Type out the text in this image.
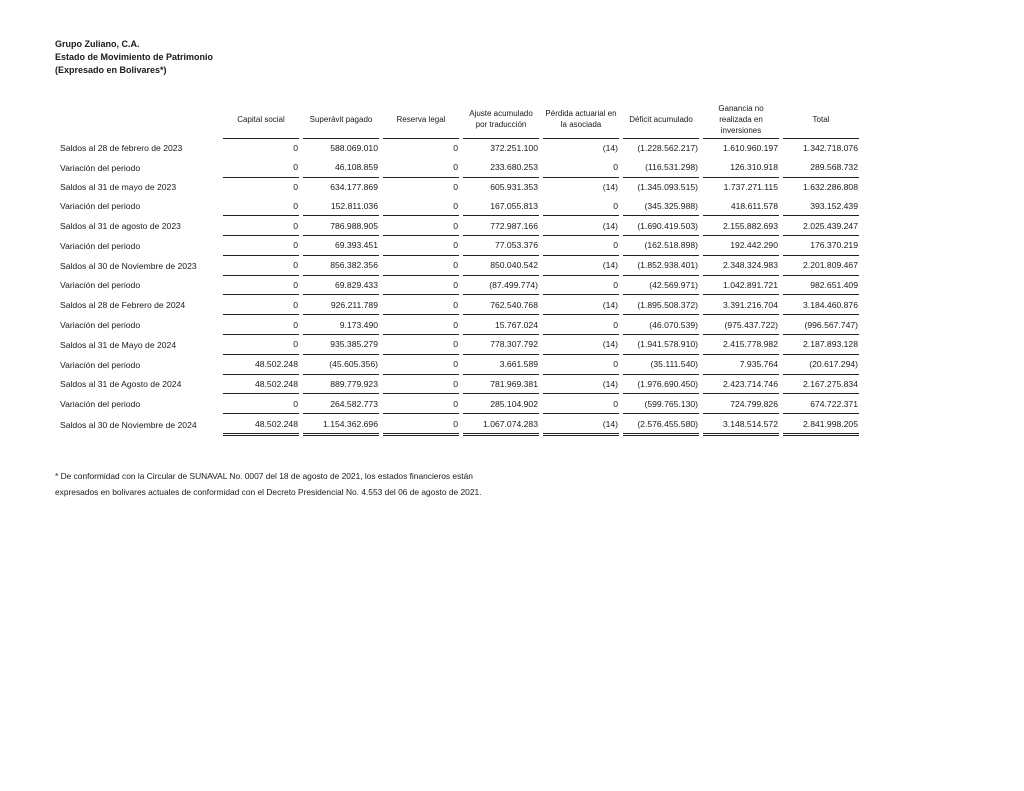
Grupo Zuliano, C.A.
Estado de Movimiento de Patrimonio
(Expresado en Bolivares*)
	Capital social	Superávit pagado	Reserva legal	Ajuste acumulado por traducción	Pérdida actuarial en la asociada	Déficit acumulado	Ganancia no realizada en inversiones	Total
Saldos al 28 de febrero de 2023	0	588.069.010	0	372.251.100	(14)	(1.228.562.217)	1.610.960.197	1.342.718.076
Variación del periodo	0	46.108.859	0	233.680.253	0	(116.531.298)	126.310.918	289.568.732
Saldos al 31 de mayo de 2023	0	634.177.869	0	605.931.353	(14)	(1.345.093.515)	1.737.271.115	1.632.286.808
Variación del periodo	0	152.811.036	0	167.055.813	0	(345.325.988)	418.611.578	393.152.439
Saldos al 31 de agosto de 2023	0	786.988.905	0	772.987.166	(14)	(1.690.419.503)	2.155.882.693	2.025.439.247
Variación del periodo	0	69.393.451	0	77.053.376	0	(162.518.898)	192.442.290	176.370.219
Saldos al 30 de Noviembre de 2023	0	856.382.356	0	850.040.542	(14)	(1.852.938.401)	2.348.324.983	2.201.809.467
Variación del periodo	0	69.829.433	0	(87.499.774)	0	(42.569.971)	1.042.891.721	982.651.409
Saldos al 28 de Febrero de 2024	0	926.211.789	0	762.540.768	(14)	(1.895.508.372)	3.391.216.704	3.184.460.876
Variación del periodo	0	9.173.490	0	15.767.024	0	(46.070.539)	(975.437.722)	(996.567.747)
Saldos al 31 de Mayo de 2024	0	935.385.279	0	778.307.792	(14)	(1.941.578.910)	2.415.778.982	2.187.893.128
Variación del periodo	48.502.248	(45.605.356)	0	3.661.589	0	(35.111.540)	7.935.764	(20.617.294)
Saldos al 31 de Agosto de 2024	48.502.248	889.779.923	0	781.969.381	(14)	(1.976.690.450)	2.423.714.746	2.167.275.834
Variación del periodo	0	264.582.773	0	285.104.902	0	(599.765.130)	724.799.826	674.722.371
Saldos al 30 de Noviembre de 2024	48.502.248	1.154.362.696	0	1.067.074.283	(14)	(2.576.455.580)	3.148.514.572	2.841.998.205
* De conformidad con la Circular de SUNAVAL No. 0007 del 18 de agosto de 2021, los estados financieros están
expresados en bolivares actuales de conformidad con el Decreto Presidencial No. 4.553 del 06 de agosto de 2021.
